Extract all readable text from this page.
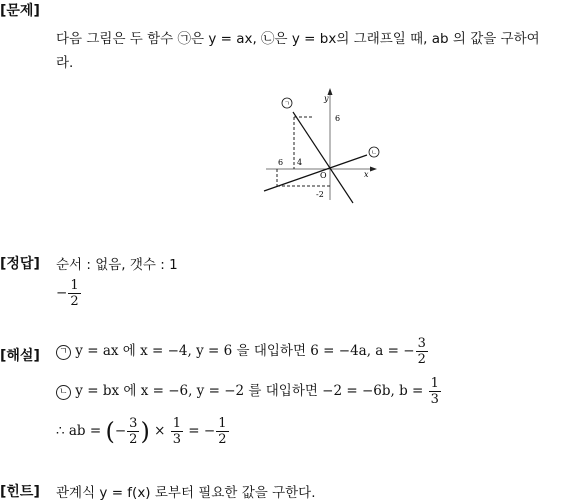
[문제]
다음 그림은 두 함수 ㉠은 y = ax, ㉡은 y = bx의 그래프일 때, ab 의 값을 구하여
라.
ㄱ
ㄴ
y
x
6
4
6
O
-2
[정답] 순서 : 없음, 갯수 : 1
− $\frac{1}{2}$
[해설]	ㄱ y = ax 에 x = −4, y = 6 을 대입하면 6 = −4a, a = − $\frac{3}{2}$
ㄴ y = bx 에 x = −6, y = −2 를 대입하면 −2 = −6b, $b = \frac{1}{3}$
∴ ab = (− $\frac{3}{2}$ ) × $\frac{1}{3}$ = − $\frac{1}{2}$
[힌트] 관계식 y = f(x) 로부터 필요한 값을 구한다.
